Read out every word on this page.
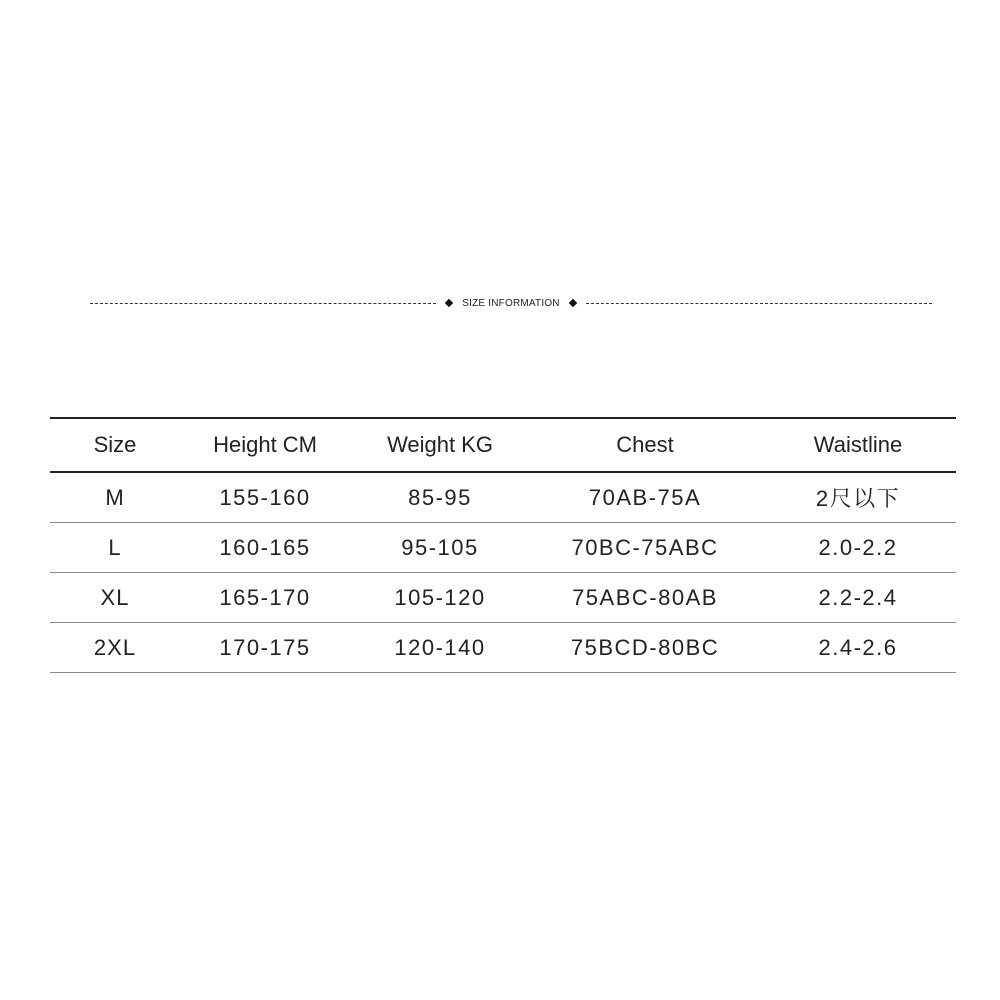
SIZE INFORMATION
Size	Height CM	Weight KG	Chest	Waistline
M	155-160	85-95	70AB-75A	2尺以下
L	160-165	95-105	70BC-75ABC	2.0-2.2
XL	165-170	105-120	75ABC-80AB	2.2-2.4
2XL	170-175	120-140	75BCD-80BC	2.4-2.6
